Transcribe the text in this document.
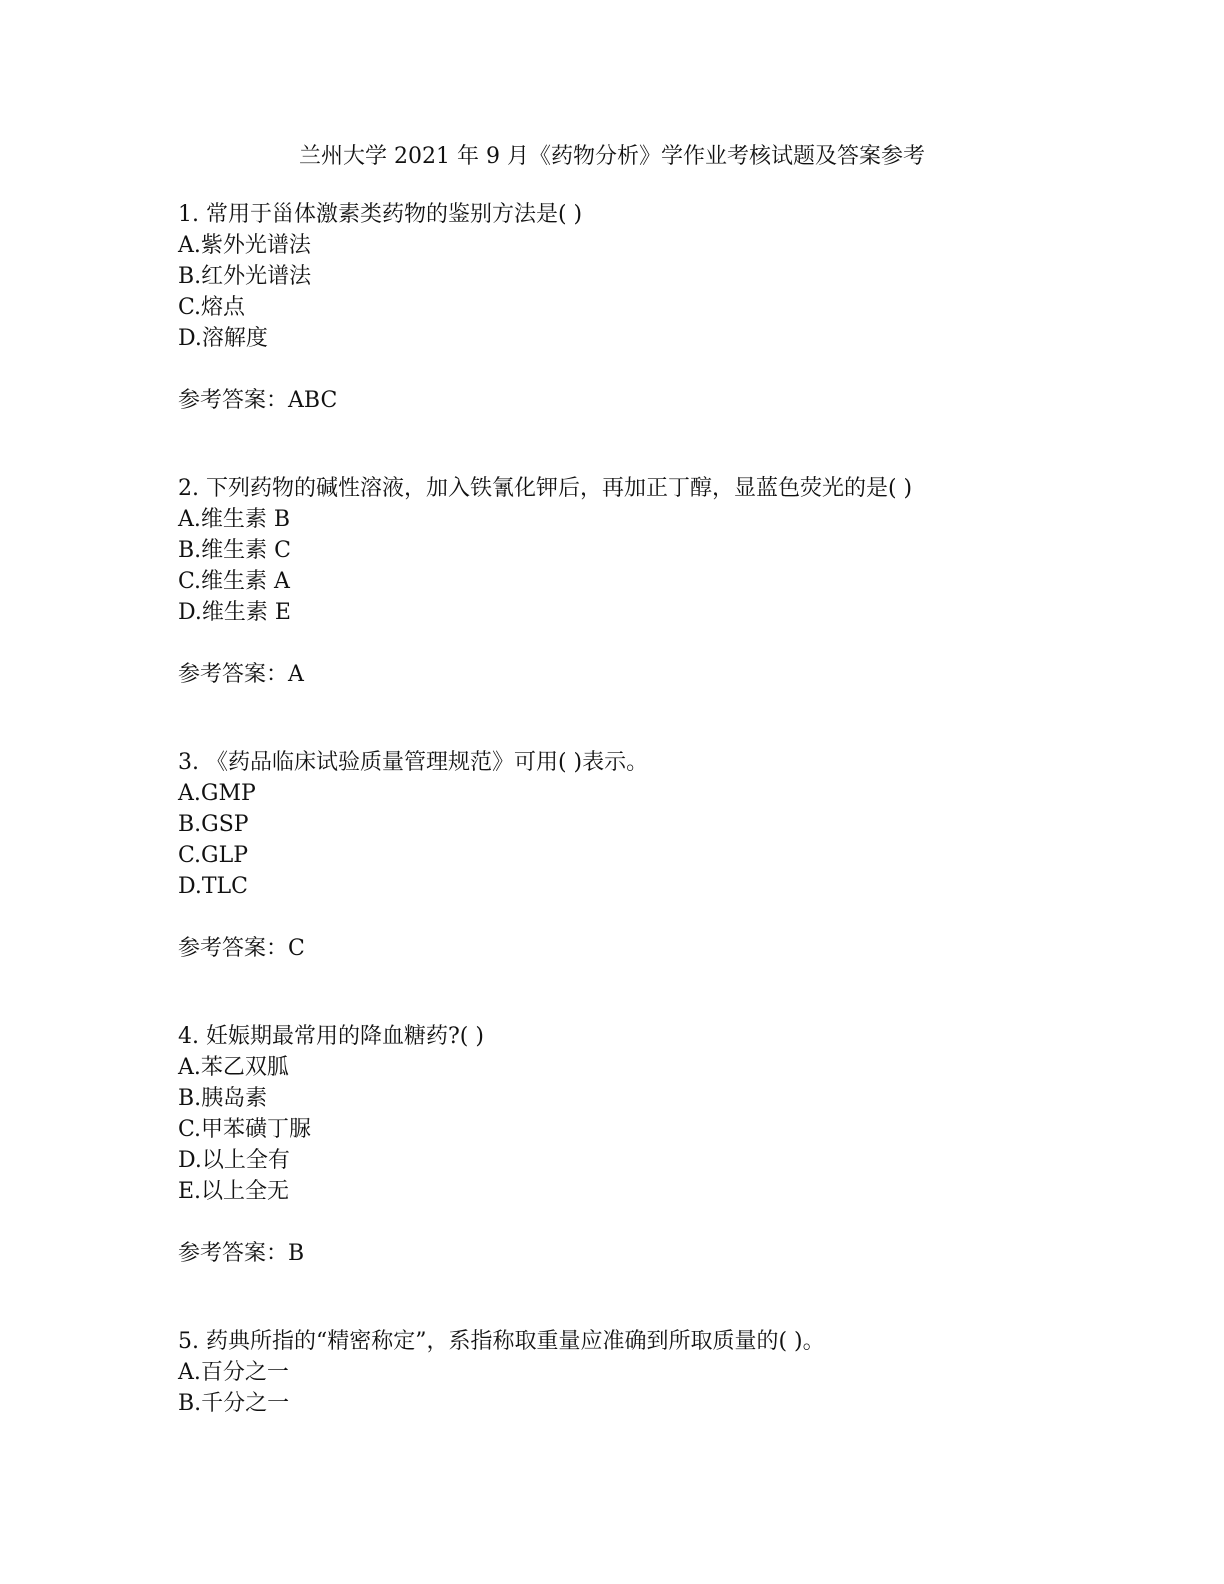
兰州大学 2021 年 9 月《药物分析》学作业考核试题及答案参考
1. 常用于甾体激素类药物的鉴别方法是( )
A.紫外光谱法
B.红外光谱法
C.熔点
D.溶解度
参考答案：ABC
2. 下列药物的碱性溶液，加入铁氰化钾后，再加正丁醇，显蓝色荧光的是( )
A.维生素 B
B.维生素 C
C.维生素 A
D.维生素 E
参考答案：A
3. 《药品临床试验质量管理规范》可用( )表示。
A.GMP
B.GSP
C.GLP
D.TLC
参考答案：C
4. 妊娠期最常用的降血糖药?( )
A.苯乙双胍
B.胰岛素
C.甲苯磺丁脲
D.以上全有
E.以上全无
参考答案：B
5. 药典所指的“精密称定”，系指称取重量应准确到所取质量的( )。
A.百分之一
B.千分之一
